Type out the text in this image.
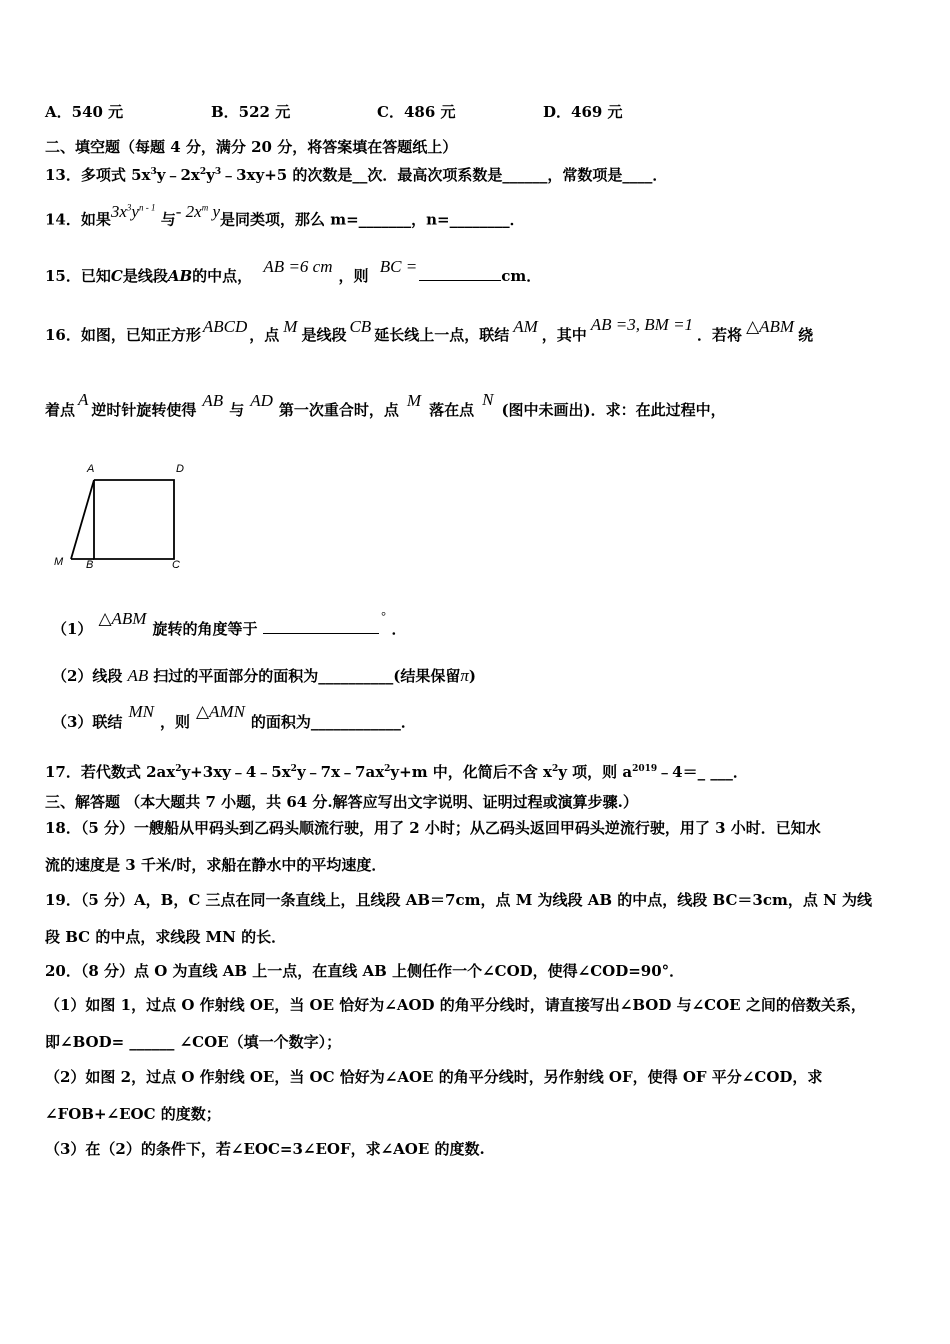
A．540 元	B．522 元	C．486 元	D．469 元
二、填空题（每题 4 分，满分 20 分，将答案填在答题纸上）
13．多项式 $5x^3y﹣2x^2y^3﹣3xy+5$ 的次数是__次．最高次项系数是______，常数项是____．
14．如果$3x^3y^{n - 1}$ 与- $2x^m$ y是同类项，那么 m=_______，n=________．
15．已知C是线段AB的中点， AB =6 cm ，则 BC =	cm．
16．如图，已知正方形 ABCD ，点 M 是线段 CB 延长线上一点，联结 AM ，其中AB =3, BM =1．若将 △ABM 绕
着点A逆时针旋转使得 AB 与 AD 第一次重合时，点 M 落在点N(图中未画出)．求：在此过程中，
A	D
M B	C
（1）△ABM旋转的角度等于 °．
（2）线段 AB 扫过的平面部分的面积为__________(结果保留π)
（3）联结MN，则△AMN的面积为____________．
17．若代数式 $2ax^2y+3xy﹣4﹣5x^2y﹣7x﹣7ax^2y+m$ 中，化简后不含 $x^2y$ 项，则 $a^{2019}﹣4=\_$ ___．
三、解答题 （本大题共 7 小题，共 64 分.解答应写出文字说明、证明过程或演算步骤.）
18．（5 分）一艘船从甲码头到乙码头顺流行驶，用了 2 小时；从乙码头返回甲码头逆流行驶，用了 3 小时．已知水
流的速度是 3 千米/时，求船在静水中的平均速度．
19．（5 分）A，B，C 三点在同一条直线上，且线段 AB＝7cm，点 M 为线段 AB 的中点，线段 BC＝3cm，点 N 为线
段 BC 的中点，求线段 MN 的长．
20．（8 分）点 O 为直线 AB 上一点，在直线 AB 上侧任作一个∠COD，使得∠COD=90°．
（1）如图 1，过点 O 作射线 OE，当 OE 恰好为∠AOD 的角平分线时，请直接写出∠BOD 与∠COE 之间的倍数关系，
即∠BOD= ______ ∠COE（填一个数字）；
（2）如图 2，过点 O 作射线 OE，当 OC 恰好为∠AOE 的角平分线时，另作射线 OF，使得 OF 平分∠COD，求
∠FOB+∠EOC 的度数；
（3）在（2）的条件下，若∠EOC=3∠EOF，求∠AOE 的度数.
